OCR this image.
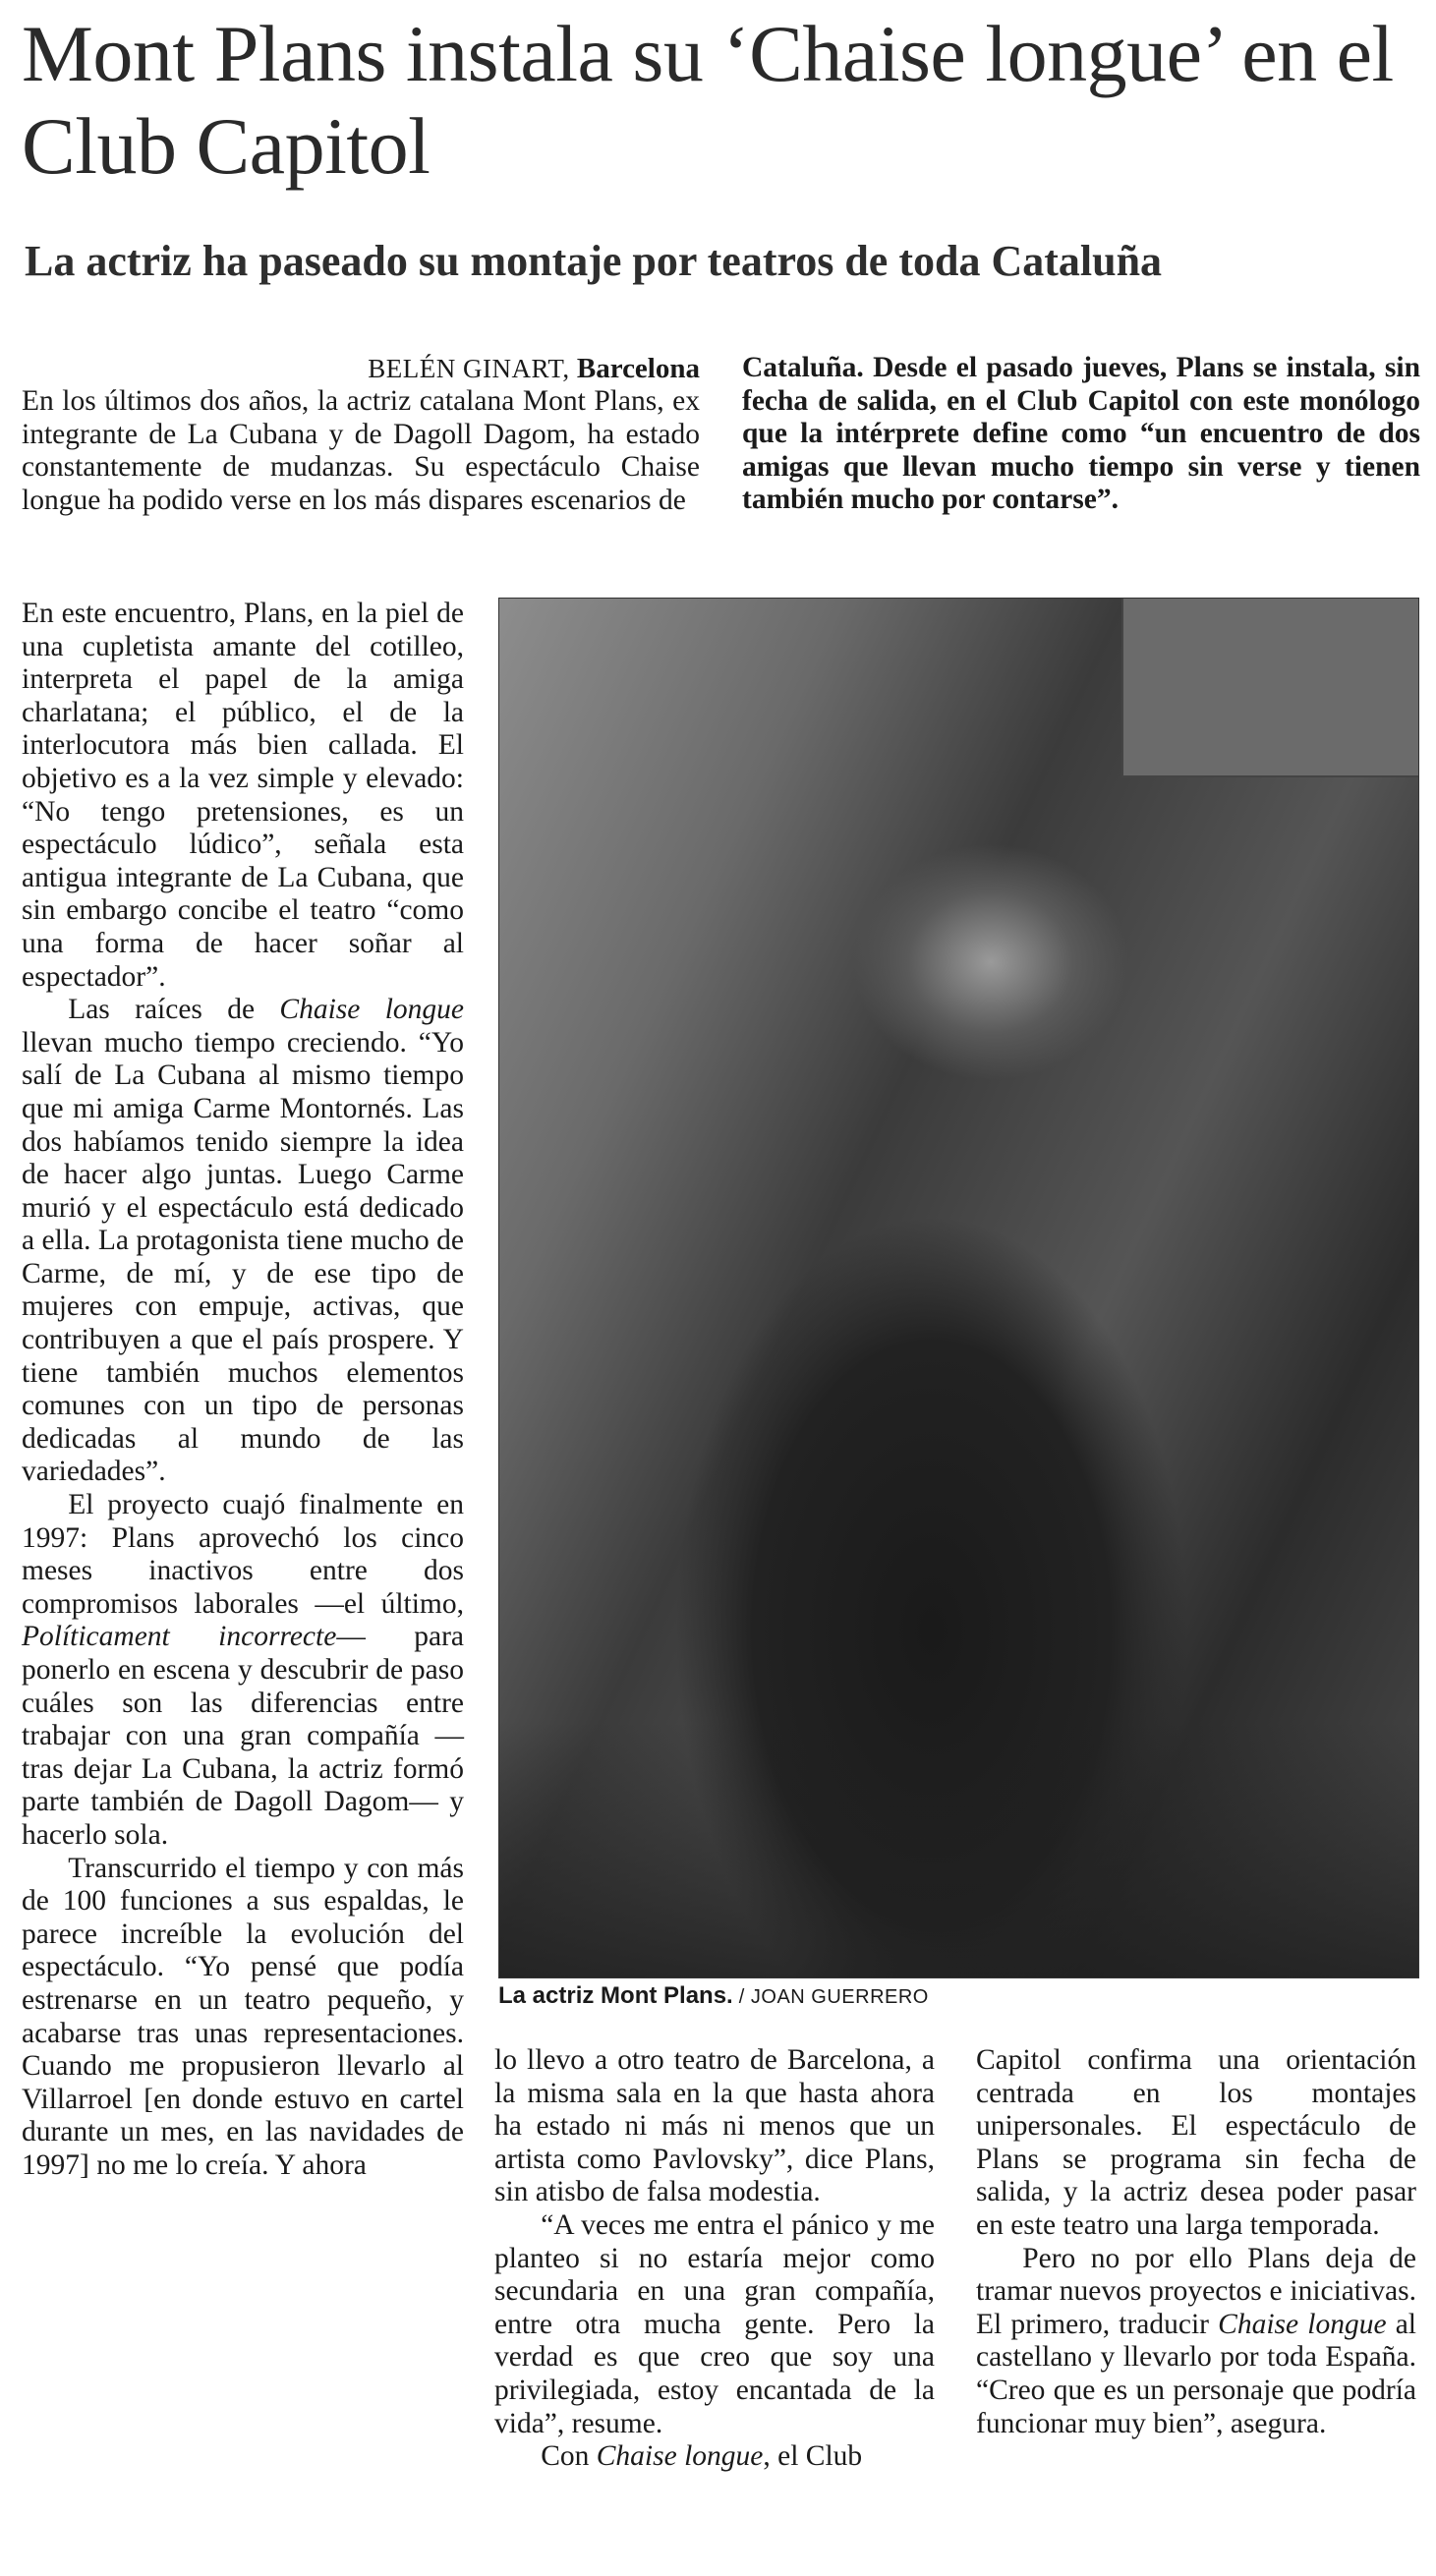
Mont Plans instala su ‘Chaise longue’ en el Club Capitol
La actriz ha paseado su montaje por teatros de toda Cataluña
BELÉN GINART, Barcelona

En los últimos dos años, la actriz catalana Mont Plans, ex integrante de La Cubana y de Dagoll Dagom, ha estado constantemente de mudanzas. Su espectáculo Chaise longue ha podido verse en los más dispares escenarios de

Cataluña. Desde el pasado jueves, Plans se instala, sin fecha de salida, en el Club Capitol con este monólogo que la intérprete define como “un encuentro de dos amigas que llevan mucho tiempo sin verse y tienen también mucho por contarse”.

En este encuentro, Plans, en la piel de una cupletista amante del cotilleo, interpreta el papel de la amiga charlatana; el público, el de la interlocutora más bien callada. El objetivo es a la vez simple y elevado: “No tengo pretensiones, es un espectáculo lúdico”, señala esta antigua integrante de La Cubana, que sin embargo concibe el teatro “como una forma de hacer soñar al espectador”.

Las raíces de Chaise longue llevan mucho tiempo creciendo. “Yo salí de La Cubana al mismo tiempo que mi amiga Carme Montornés. Las dos habíamos tenido siempre la idea de hacer algo juntas. Luego Carme murió y el espectáculo está dedicado a ella. La protagonista tiene mucho de Carme, de mí, y de ese tipo de mujeres con empuje, activas, que contribuyen a que el país prospere. Y tiene también muchos elementos comunes con un tipo de personas dedicadas al mundo de las variedades”.

El proyecto cuajó finalmente en 1997: Plans aprovechó los cinco meses inactivos entre dos compromisos laborales —el último, Políticament incorrecte— para ponerlo en escena y descubrir de paso cuáles son las diferencias entre trabajar con una gran compañía —tras dejar La Cubana, la actriz formó parte también de Dagoll Dagom— y hacerlo sola.

Transcurrido el tiempo y con más de 100 funciones a sus espaldas, le parece increíble la evolución del espectáculo. “Yo pensé que podía estrenarse en un teatro pequeño, y acabarse tras unas representaciones. Cuando me propusieron llevarlo al Villarroel [en donde estuvo en cartel durante un mes, en las navidades de 1997] no me lo creía. Y ahora

La actriz Mont Plans. / JOAN GUERRERO

lo llevo a otro teatro de Barcelona, a la misma sala en la que hasta ahora ha estado ni más ni menos que un artista como Pavlovsky”, dice Plans, sin atisbo de falsa modestia.

“A veces me entra el pánico y me planteo si no estaría mejor como secundaria en una gran compañía, entre otra mucha gente. Pero la verdad es que creo que soy una privilegiada, estoy encantada de la vida”, resume.

Con Chaise longue, el Club

Capitol confirma una orientación centrada en los montajes unipersonales. El espectáculo de Plans se programa sin fecha de salida, y la actriz desea poder pasar en este teatro una larga temporada.

Pero no por ello Plans deja de tramar nuevos proyectos e iniciativas. El primero, traducir Chaise longue al castellano y llevarlo por toda España. “Creo que es un personaje que podría funcionar muy bien”, asegura.
